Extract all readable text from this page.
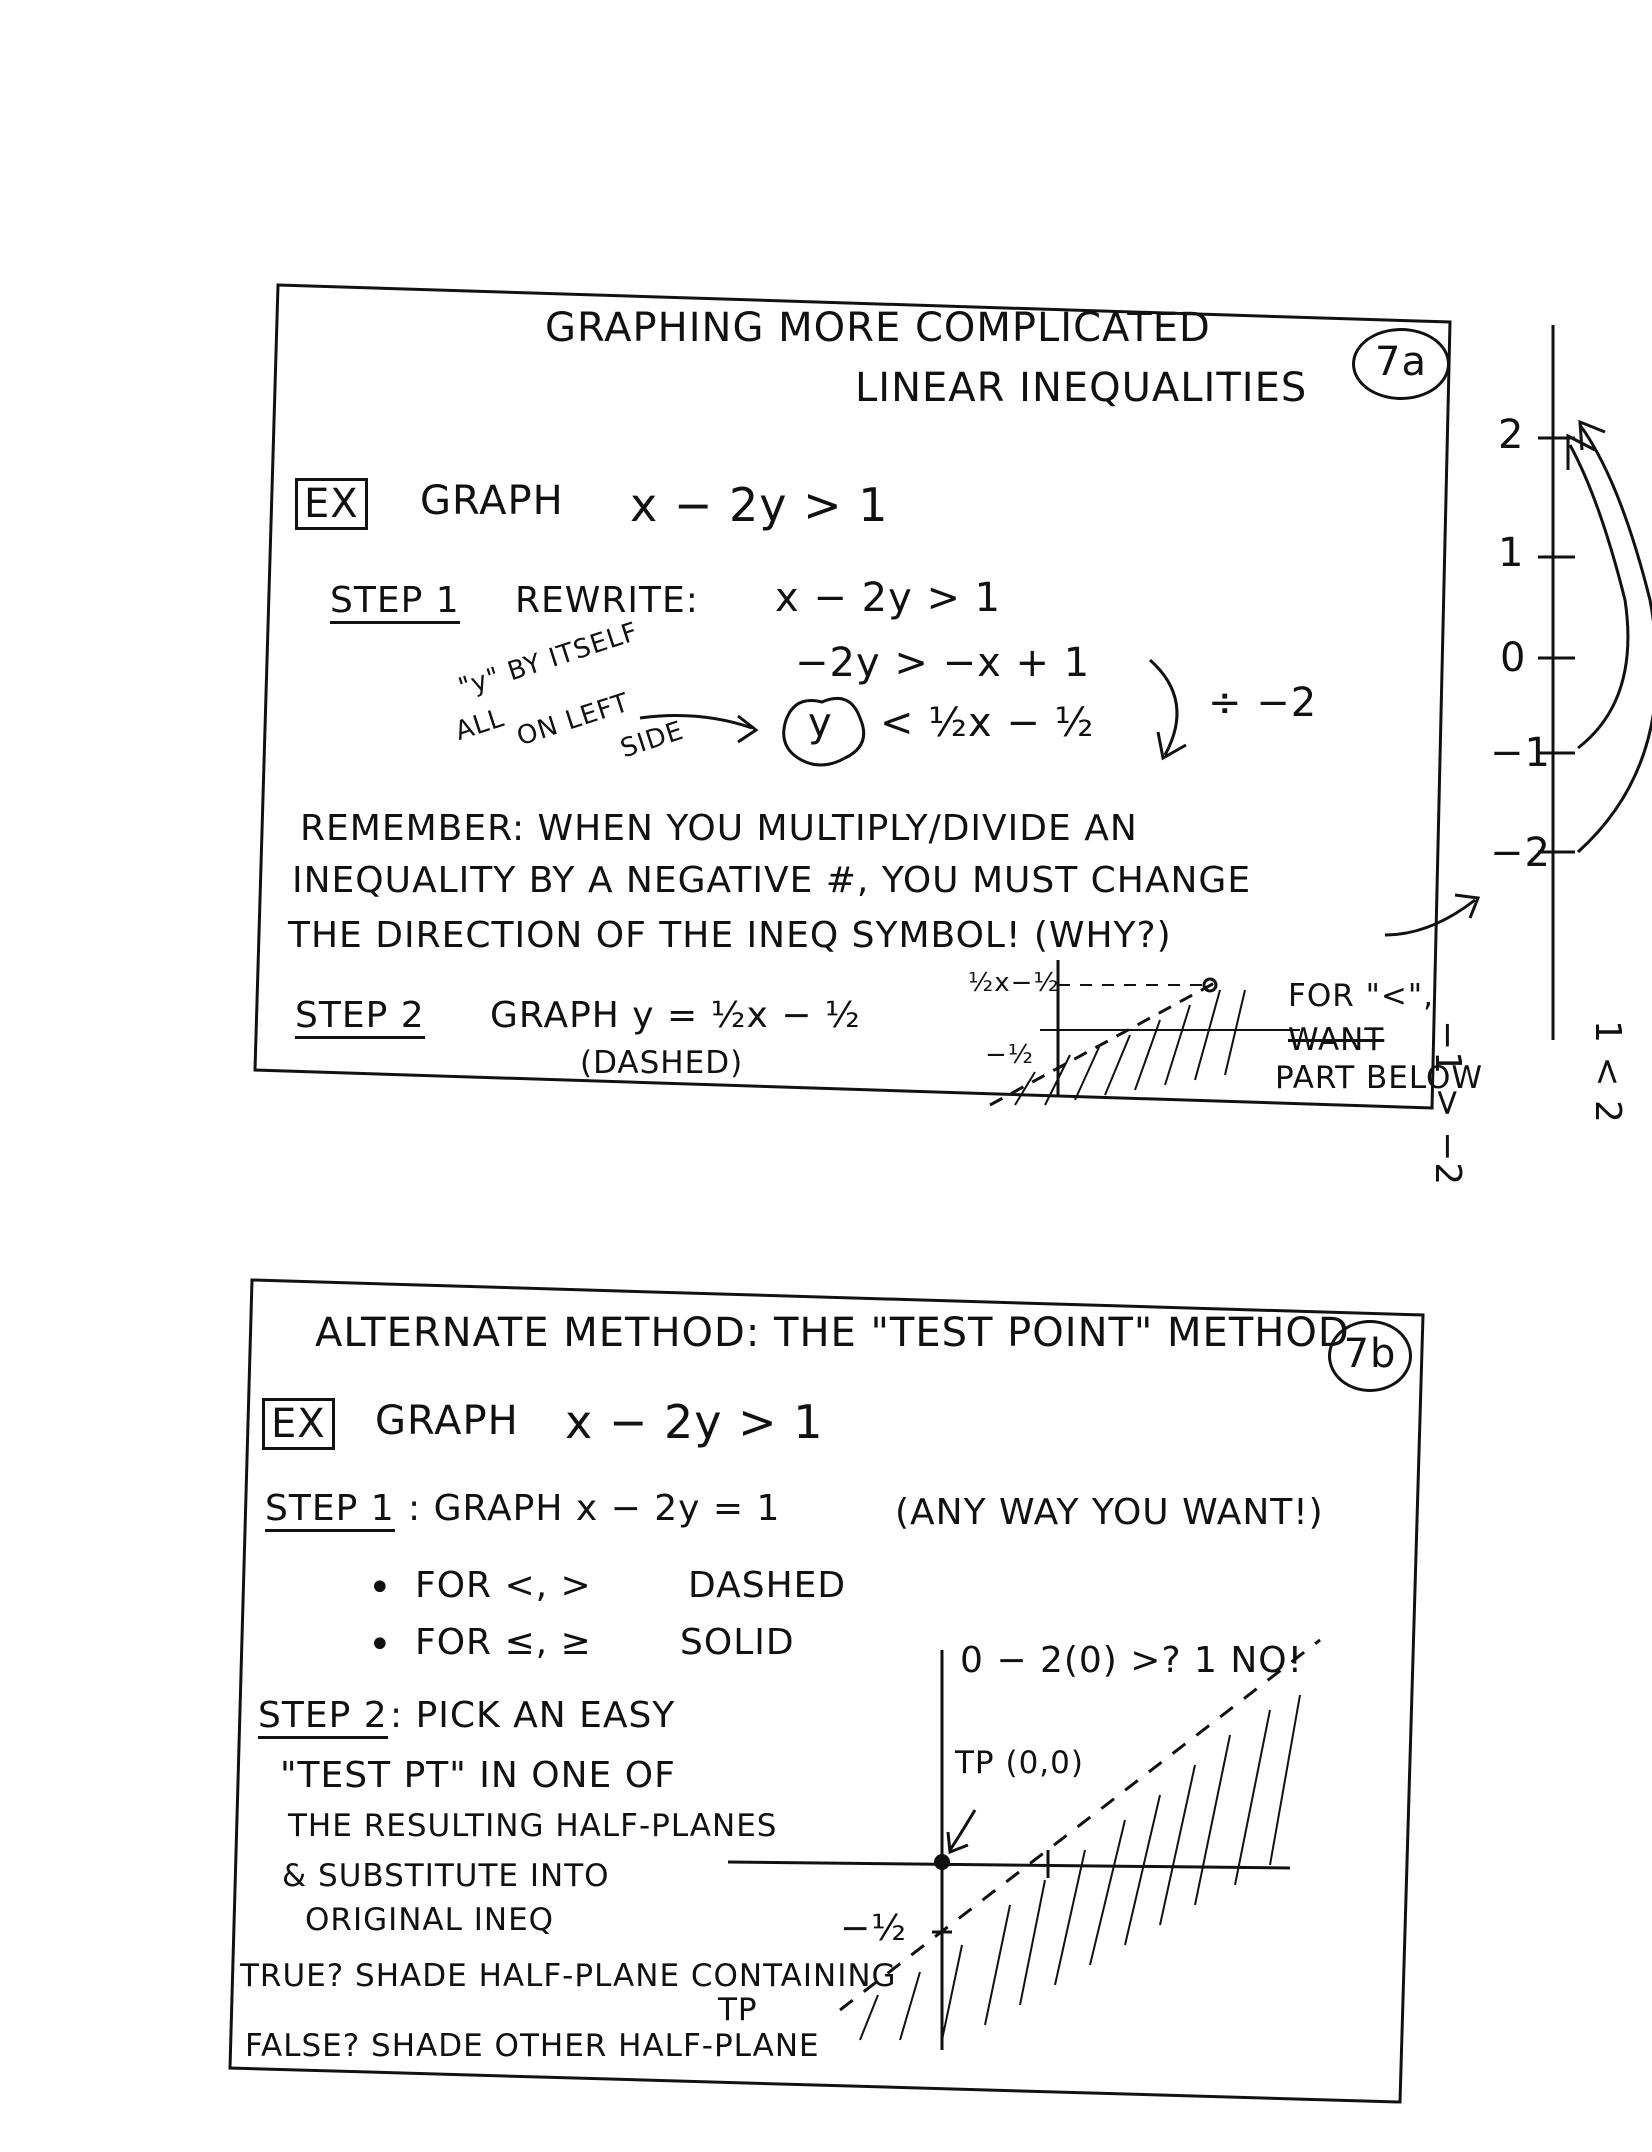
GRAPHING MORE COMPLICATED
LINEAR INEQUALITIES
7a
EX GRAPH x − 2y > 1
STEP 1 REWRITE: x − 2y > 1
−2y > −x + 1
"y" BY ITSELF
ALL ON LEFT
SIDE	y < ½x − ½	÷ −2
REMEMBER: WHEN YOU MULTIPLY/DIVIDE AN
INEQUALITY BY A NEGATIVE #, YOU MUST CHANGE
THE DIRECTION OF THE INEQ SYMBOL! (WHY?)
STEP 2 GRAPH y = ½x − ½
(DASHED)
½x−½
−½
FOR "<",
WANT
PART BELOW
2
1
0
−1
−2
−1 > −2	1 < 2
ALTERNATE METHOD: THE "TEST POINT" METHOD
7b
EX GRAPH x − 2y > 1
STEP 1 : GRAPH x − 2y = 1	(ANY WAY YOU WANT!)
• FOR <, >	DASHED
• FOR ≤, ≥ SOLID
STEP 2 : PICK AN EASY
"TEST PT" IN ONE OF
THE RESULTING HALF-PLANES
& SUBSTITUTE INTO
ORIGINAL INEQ
TRUE? SHADE HALF-PLANE CONTAINING
TP
FALSE? SHADE OTHER HALF-PLANE
0 − 2(0) >? 1 NO!
TP (0,0)
−½
